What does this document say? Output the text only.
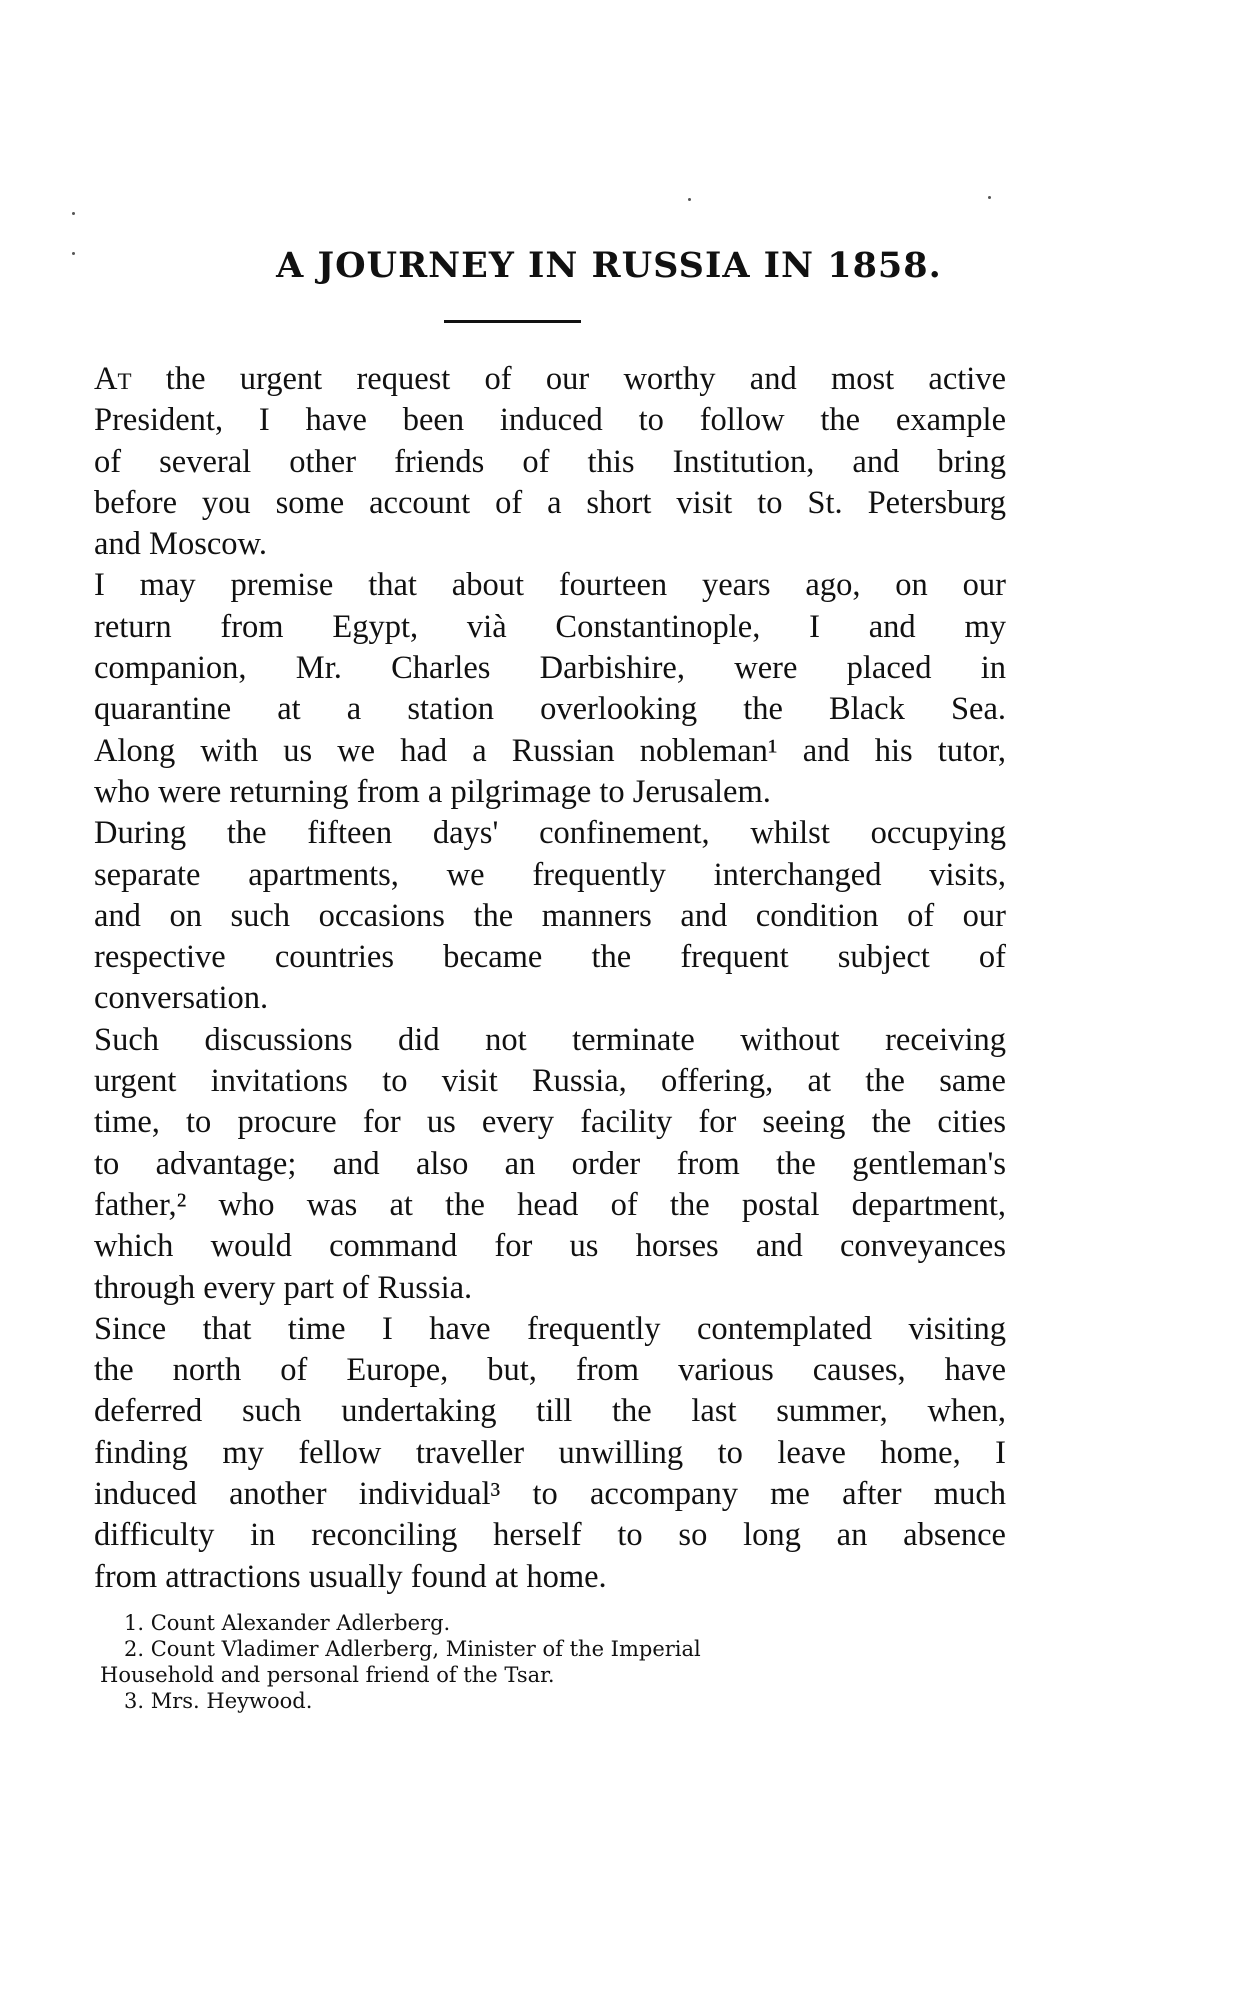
A JOURNEY IN RUSSIA IN 1858.
At the urgent request of our worthy and most active
President, I have been induced to follow the example
of several other friends of this Institution, and bring
before you some account of a short visit to St. Petersburg
and Moscow.
I may premise that about fourteen years ago, on our
return from Egypt, vià Constantinople, I and my
companion, Mr. Charles Darbishire, were placed in
quarantine at a station overlooking the Black Sea.
Along with us we had a Russian nobleman¹ and his tutor,
who were returning from a pilgrimage to Jerusalem.
During the fifteen days' confinement, whilst occupying
separate apartments, we frequently interchanged visits,
and on such occasions the manners and condition of our
respective countries became the frequent subject of
conversation.
Such discussions did not terminate without receiving
urgent invitations to visit Russia, offering, at the same
time, to procure for us every facility for seeing the cities
to advantage; and also an order from the gentleman's
father,² who was at the head of the postal department,
which would command for us horses and conveyances
through every part of Russia.
Since that time I have frequently contemplated visiting
the north of Europe, but, from various causes, have
deferred such undertaking till the last summer, when,
finding my fellow traveller unwilling to leave home, I
induced another individual³ to accompany me after much
difficulty in reconciling herself to so long an absence
from attractions usually found at home.
1. Count Alexander Adlerberg.
2. Count Vladimer Adlerberg, Minister of the Imperial
Household and personal friend of the Tsar.
3. Mrs. Heywood.
